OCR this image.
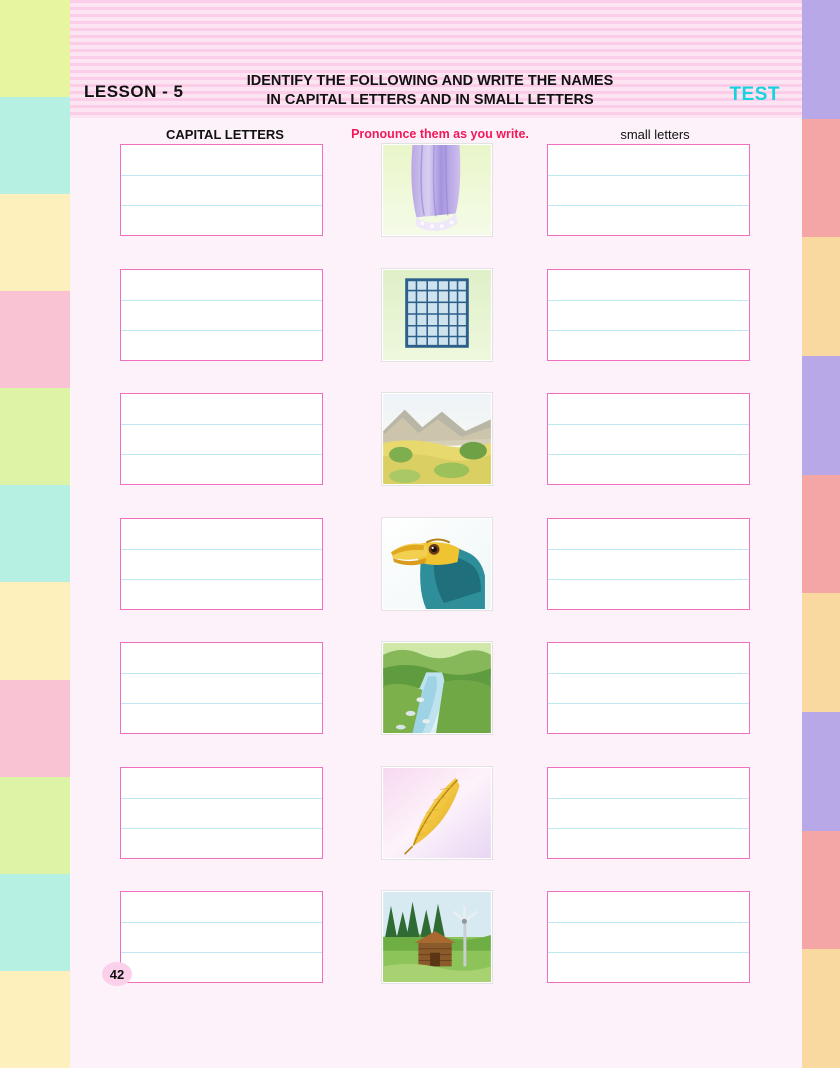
LESSON - 5
IDENTIFY THE FOLLOWING AND WRITE THE NAMES
IN CAPITAL LETTERS AND IN SMALL LETTERS	TEST
CAPITAL LETTERS	Pronounce them as you write.	small letters
42
